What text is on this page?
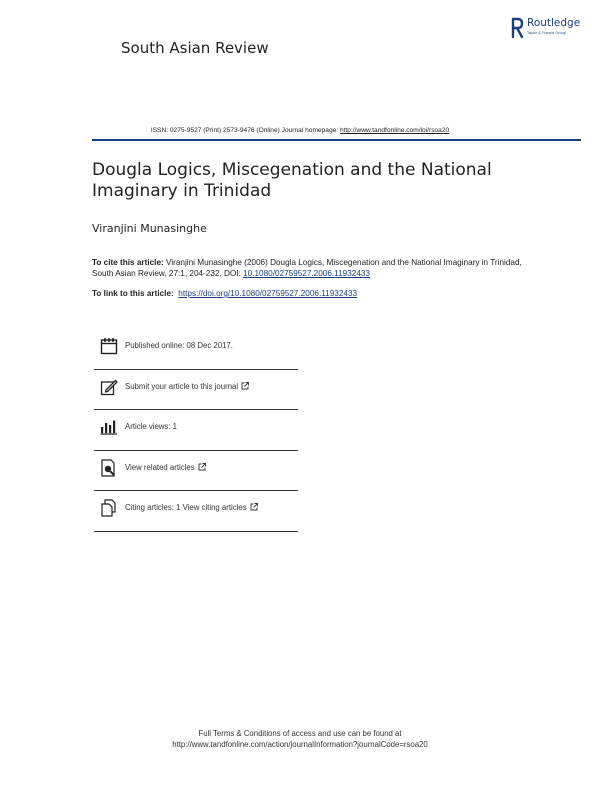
South Asian Review
Routledge
Taylor & Francis Group
ISSN: 0275-9527 (Print) 2573-9476 (Online) Journal homepage: http://www.tandfonline.com/loi/rsoa20
Dougla Logics, Miscegenation and the National Imaginary in Trinidad
Viranjini Munasinghe
To cite this article: Viranjini Munasinghe (2006) Dougla Logics, Miscegenation and the National Imaginary in Trinidad, South Asian Review, 27:1, 204-232, DOI: 10.1080/02759527.2006.11932433
To link to this article: https://doi.org/10.1080/02759527.2006.11932433
Published online: 08 Dec 2017.
Submit your article to this journal
Article views: 1
View related articles
Citing articles: 1 View citing articles
Full Terms & Conditions of access and use can be found at
http://www.tandfonline.com/action/journalInformation?journalCode=rsoa20
